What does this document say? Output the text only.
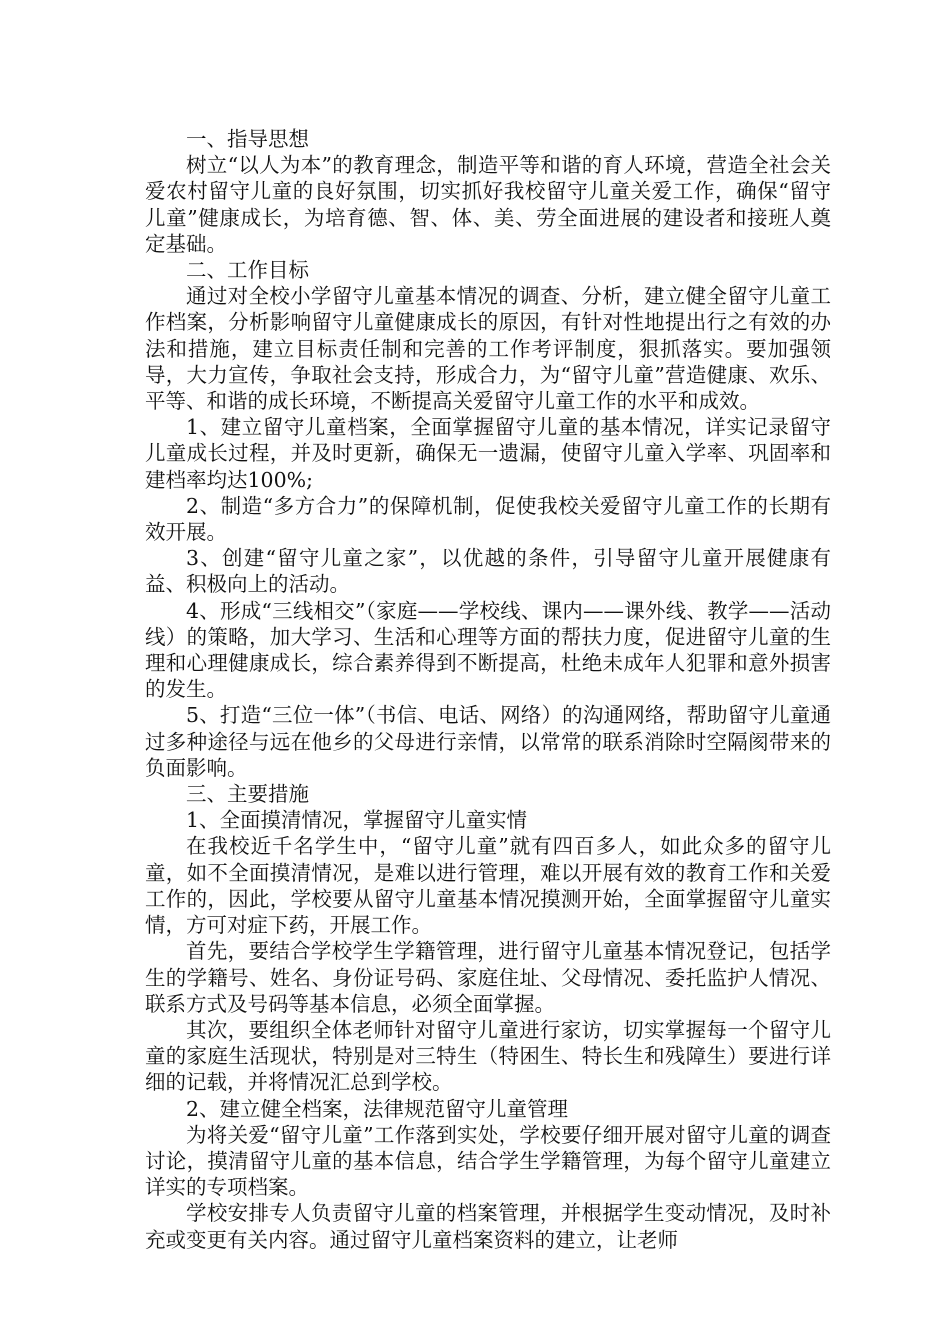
一、指导思想

树立“以人为本”的教育理念，制造平等和谐的育人环境，营造全社会关爱农村留守儿童的良好氛围，切实抓好我校留守儿童关爱工作，确保“留守儿童”健康成长，为培育德、智、体、美、劳全面进展的建设者和接班人奠定基础。

二、工作目标

通过对全校小学留守儿童基本情况的调查、分析，建立健全留守儿童工作档案，分析影响留守儿童健康成长的原因，有针对性地提出行之有效的办法和措施，建立目标责任制和完善的工作考评制度，狠抓落实。要加强领导，大力宣传，争取社会支持，形成合力，为“留守儿童”营造健康、欢乐、平等、和谐的成长环境，不断提高关爱留守儿童工作的水平和成效。

1、建立留守儿童档案，全面掌握留守儿童的基本情况，详实记录留守儿童成长过程，并及时更新，确保无一遗漏，使留守儿童入学率、巩固率和建档率均达100%;

2、制造“多方合力”的保障机制，促使我校关爱留守儿童工作的长期有效开展。

3、创建“留守儿童之家”，以优越的条件，引导留守儿童开展健康有益、积极向上的活动。

4、形成“三线相交”（家庭——学校线、课内——课外线、教学——活动线）的策略，加大学习、生活和心理等方面的帮扶力度，促进留守儿童的生理和心理健康成长，综合素养得到不断提高，杜绝未成年人犯罪和意外损害的发生。

5、打造“三位一体”（书信、电话、网络）的沟通网络，帮助留守儿童通过多种途径与远在他乡的父母进行亲情，以常常的联系消除时空隔阂带来的负面影响。

三、主要措施

1、全面摸清情况，掌握留守儿童实情

在我校近千名学生中，“留守儿童”就有四百多人，如此众多的留守儿童，如不全面摸清情况，是难以进行管理，难以开展有效的教育工作和关爱工作的，因此，学校要从留守儿童基本情况摸测开始，全面掌握留守儿童实情，方可对症下药，开展工作。

首先，要结合学校学生学籍管理，进行留守儿童基本情况登记，包括学生的学籍号、姓名、身份证号码、家庭住址、父母情况、委托监护人情况、联系方式及号码等基本信息，必须全面掌握。

其次，要组织全体老师针对留守儿童进行家访，切实掌握每一个留守儿童的家庭生活现状，特别是对三特生（特困生、特长生和残障生）要进行详细的记载，并将情况汇总到学校。

2、建立健全档案，法律规范留守儿童管理

为将关爱“留守儿童”工作落到实处，学校要仔细开展对留守儿童的调查讨论，摸清留守儿童的基本信息，结合学生学籍管理，为每个留守儿童建立详实的专项档案。

学校安排专人负责留守儿童的档案管理，并根据学生变动情况，及时补充或变更有关内容。通过留守儿童档案资料的建立，让老师
